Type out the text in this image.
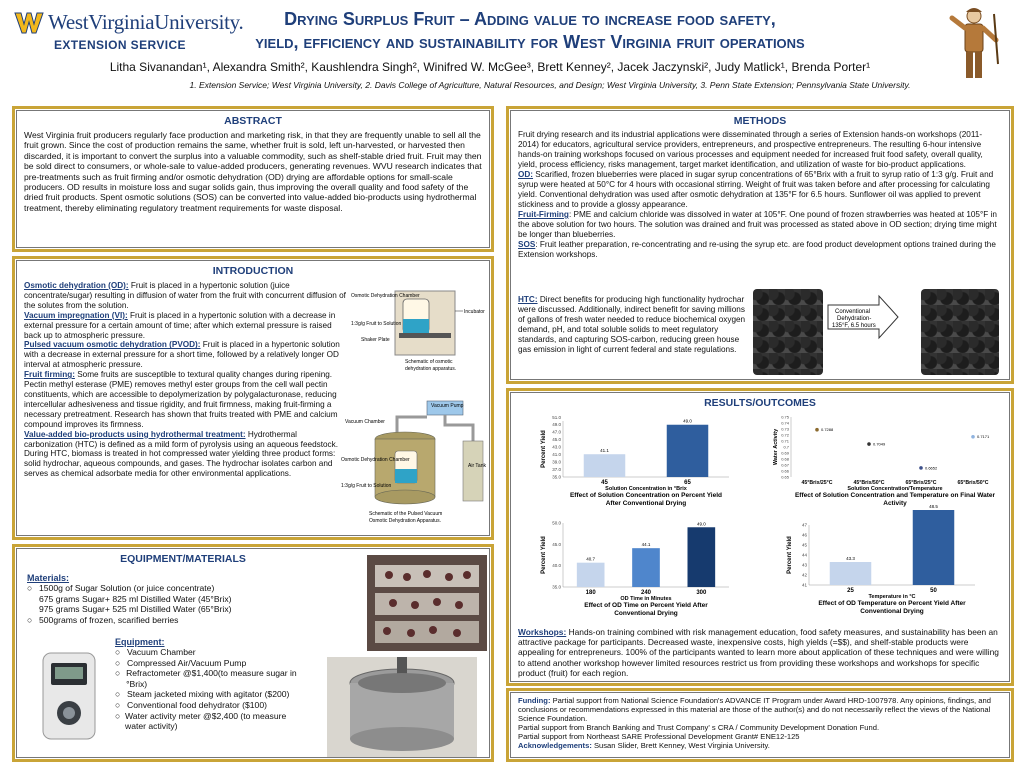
WestVirginiaUniversity.
EXTENSION SERVICE
Drying Surplus Fruit – Adding value to increase food safety,
yield, efficiency and sustainability for West Virginia fruit operations
Litha Sivanandan¹, Alexandra Smith², Kaushlendra Singh², Winifred W. McGee³, Brett Kenney², Jacek Jaczynski², Judy Matlick¹, Brenda Porter¹
1. Extension Service; West Virginia University, 2. Davis College of Agriculture, Natural Resources, and Design; West Virginia University, 3. Penn State Extension; Pennsylvania State University.
ABSTRACT
West Virginia fruit producers regularly face production and marketing risk, in that they are frequently unable to sell all the fruit grown. Since the cost of production remains the same, whether fruit is sold, left un-harvested, or harvested then discarded, it is important to convert the surplus into a valuable commodity, such as shelf-stable dried fruit. Fruit may then be sold direct to consumers, or whole-sale to value-added producers, generating revenues. WVU research indicates that pre-treatments such as fruit firming and/or osmotic dehydration (OD) drying are affordable options for small-scale producers. OD results in moisture loss and sugar solids gain, thus improving the overall quality and food safety of the dried fruit products. Spent osmotic solutions (SOS) can be converted into value-added bio-products using hydrothermal treatment, thereby eliminating regulatory treatment requirements for waste disposal.
INTRODUCTION
Osmotic dehydration (OD): Fruit is placed in a hypertonic solution (juice concentrate/sugar) resulting in diffusion of water from the fruit with concurrent diffusion of the solutes from the solution.
Vacuum impregnation (VI): Fruit is placed in a hypertonic solution with a decrease in external pressure for a certain amount of time; after which external pressure is raised back up to atmospheric pressure.
Pulsed vacuum osmotic dehydration (PVOD): Fruit is placed in a hypertonic solution with a decrease in external pressure for a short time, followed by a relatively longer OD interval at atmospheric pressure.
Fruit firming: Some fruits are susceptible to textural quality changes during ripening. Pectin methyl esterase (PME) removes methyl ester groups from the cell wall pectin constituents, which are accessible to depolymerization by polygalacturonase, reducing intercellular adhesiveness and tissue rigidity, and fruit firmness, making fruit-firming a necessary pretreatment. Research has shown that fruits treated with PME and calcium compound improves its firmness.
Value-added bio-products using hydrothermal treatment: Hydrothermal carbonization (HTC) is defined as a mild form of pyrolysis using an aqueous feedstock. During HTC, biomass is treated in hot compressed water yielding three product forms: solid hydrochar, aqueous compounds, and gases. The hydrochar isolates carbon and serves as chemical adsorbate media for other environmental applications.
Incubator
Osmotic Dehydration Chamber
1:3g/g Fruit to Solution
Shaker Plate
Schematic of osmotic
dehydration apparatus.
Vacuum Pump
Air Tank
Vacuum Chamber
Osmotic Dehydration Chamber
1:3g/g Fruit to Solution
Schematic of the Pulsed Vacuum
Osmotic Dehydration Apparatus.
EQUIPMENT/MATERIALS
Materials:
○ 1500g of Sugar Solution (or juice concentrate)
675 grams Sugar+ 825 ml Distilled Water (45°Brix)
975 grams Sugar+ 525 ml Distilled Water (65°Brix)
○ 500grams of frozen, scarified berries
Equipment:
○ Vacuum Chamber
○ Compressed Air/Vacuum Pump
○ Refractometer @$1,400(to measure sugar in °Brix)
○ Steam jacketed mixing with agitator ($200)
○ Conventional food dehydrator ($100)
○ Water activity meter @$2,400 (to measure water activity)
METHODS
Fruit drying research and its industrial applications were disseminated through a series of Extension hands-on workshops (2011-2014) for educators, agricultural service providers, entrepreneurs, and prospective entrepreneurs. The resulting 6-hour intensive hands-on training workshops focused on various processes and equipment needed for increased fruit food safety, overall quality, yield, process efficiency, risks management, target market identification, and utilization of waste for bio-product applications.
OD: Scarified, frozen blueberries were placed in sugar syrup concentrations of 65°Brix with a fruit to syrup ratio of 1:3 g/g. Fruit and syrup were heated at 50°C for 4 hours with occasional stirring. Weight of fruit was taken before and after processing for calculating yield. Conventional dehydration was used after osmotic dehydration at 135°F for 6.5 hours. Sunflower oil was applied to prevent stickiness and to provide a glossy appearance.
Fruit-Firming: PME and calcium chloride was dissolved in water at 105°F. One pound of frozen strawberries was heated at 105°F in the above solution for two hours. The solution was drained and fruit was processed as stated above in OD section; drying time might be longer than blueberries.
SOS: Fruit leather preparation, re-concentrating and re-using the syrup etc. are food product development options trained during the Extension workshops.
HTC: Direct benefits for producing high functionality hydrochar were discussed. Additionally, indirect benefit for saving millions of gallons of fresh water needed to reduce biochemical oxygen demand, pH, and total soluble solids to meet regulatory standards, and capturing SOS-carbon, reducing green house gas emission in light of current federal and state regulations.
Conventional
Dehydration-
135°F, 6.5 hours
RESULTS/OUTCOMES
35.0
37.0
39.0
41.0
43.0
45.0
47.0
49.0
51.0
41.1
45
49.0
65
Percent Yield
Solution Concentration in °Brix
Effect of Solution Concentration on Percent Yield
After Conventional Drying
0.65
0.66
0.67
0.68
0.69
0.7
0.71
0.72
0.73
0.74
0.75
0.7288
45°Brix/25°C
0.7049
45°Brix/50°C
0.6652
65°Brix/25°C
0.7171
65°Brix/50°C
Water Activity
Solution Concentration/Temperature
Effect of Solution Concentration and Temperature on Final Water
Activity
35.0
40.0
45.0
50.0
40.7
180
44.1
240
49.0
300
Percent Yield
OD Time in Minutes
Effect of OD Time on Percent Yield After
Conventional Drying
41
42
43
44
45
46
47
43.3
25
48.5
50
Percent Yield
Temperature in °C
Effect of OD Temperature on Percent Yield After
Conventional Drying
Workshops: Hands-on training combined with risk management education, food safety measures, and sustainability has been an attractive package for participants. Decreased waste, inexpensive costs, high yields (=$$), and shelf-stable products were appealing for entrepreneurs. 100% of the participants wanted to learn more about application of these techniques and were willing to attend another workshop however limited resources restrict us from providing these workshops and workshops for specific product (fruit) for each region.
Funding: Partial support from National Science Foundation's ADVANCE IT Program under Award HRD-1007978. Any opinions, findings, and conclusions or recommendations expressed in this material are those of the author(s) and do not necessarily reflect the views of the National Science Foundation.
Partial support from Branch Banking and Trust Company' s CRA / Community Development Donation Fund.
Partial support from Northeast SARE Professional Development Grant# ENE12-125
Acknowledgements: Susan Slider, Brett Kenney, West Virginia University.
